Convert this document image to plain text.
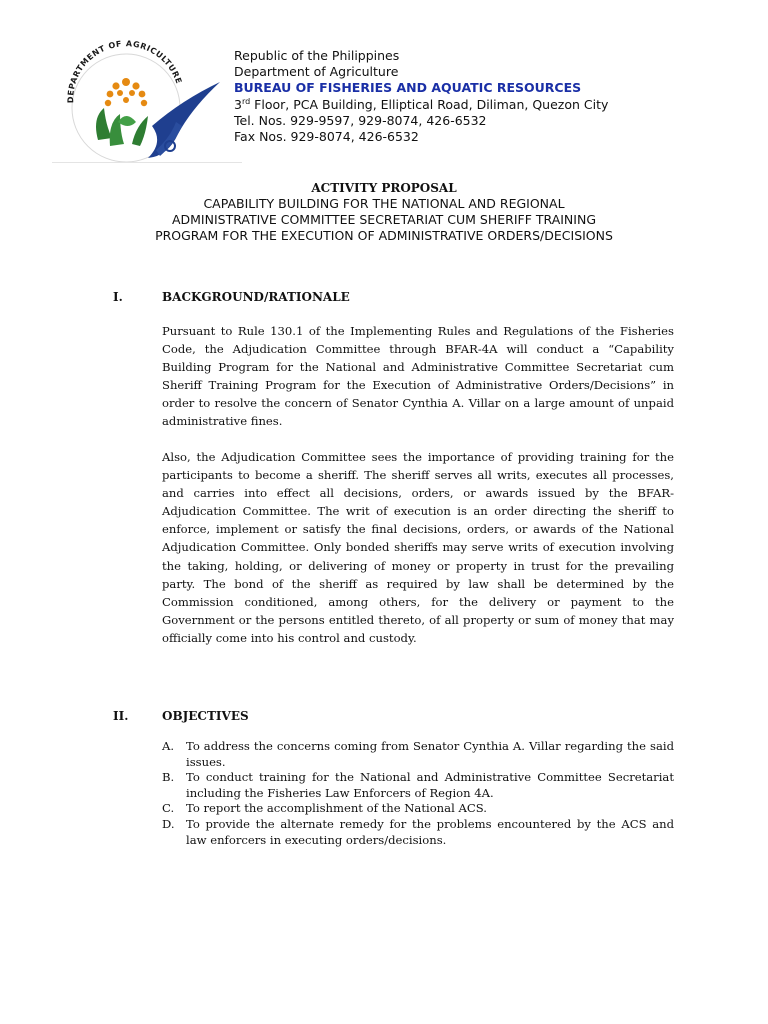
DEPARTMENT OF AGRICULTURE
Republic of the Philippines
Department of Agriculture
BUREAU OF FISHERIES AND AQUATIC RESOURCES
3rd Floor, PCA Building, Elliptical Road, Diliman, Quezon City
Tel. Nos. 929-9597, 929-8074, 426-6532
Fax Nos. 929-8074, 426-6532
ACTIVITY PROPOSAL
CAPABILITY BUILDING FOR THE NATIONAL AND REGIONAL
ADMINISTRATIVE COMMITTEE SECRETARIAT CUM SHERIFF TRAINING
PROGRAM FOR THE EXECUTION OF ADMINISTRATIVE ORDERS/DECISIONS
I.	BACKGROUND/RATIONALE
Pursuant to Rule 130.1 of the Implementing Rules and Regulations of the Fisheries Code, the Adjudication Committee through BFAR-4A will conduct a “Capability Building Program for the National and Administrative Committee Secretariat cum Sheriff Training Program for the Execution of Administrative Orders/Decisions” in order to resolve the concern of Senator Cynthia A. Villar on a large amount of unpaid administrative fines.
Also, the Adjudication Committee sees the importance of providing training for the participants to become a sheriff. The sheriff serves all writs, executes all processes, and carries into effect all decisions, orders, or awards issued by the BFAR-Adjudication Committee. The writ of execution is an order directing the sheriff to enforce, implement or satisfy the final decisions, orders, or awards of the National Adjudication Committee. Only bonded sheriffs may serve writs of execution involving the taking, holding, or delivering of money or property in trust for the prevailing party. The bond of the sheriff as required by law shall be determined by the Commission conditioned, among others, for the delivery or payment to the Government or the persons entitled thereto, of all property or sum of money that may officially come into his control and custody.
II.	OBJECTIVES
A. To address the concerns coming from Senator Cynthia A. Villar regarding the said issues.
B. To conduct training for the National and Administrative Committee Secretariat including the Fisheries Law Enforcers of Region 4A.
C. To report the accomplishment of the National ACS.
D. To provide the alternate remedy for the problems encountered by the ACS and law enforcers in executing orders/decisions.
